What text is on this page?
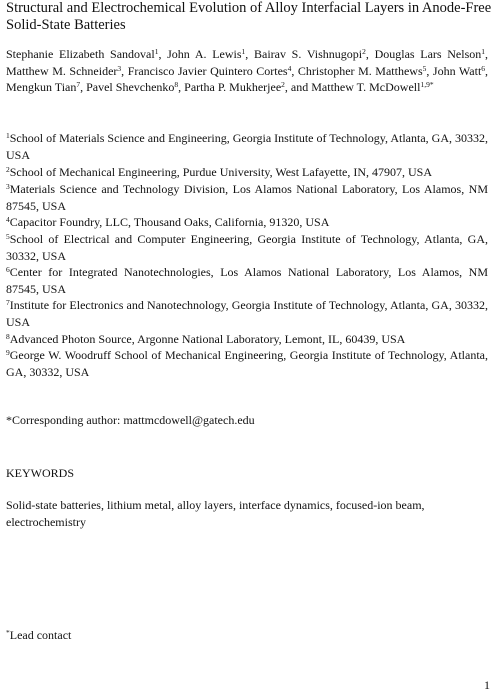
Structural and Electrochemical Evolution of Alloy Interfacial Layers in Anode-Free
Solid-State Batteries
Stephanie Elizabeth Sandoval$^1$, John A. Lewis$^1$, Bairav S. Vishnugopi$^2$, Douglas Lars Nelson$^1$, Matthew M. Schneider$^3$, Francisco Javier Quintero Cortes$^4$, Christopher M. Matthews$^5$, John Watt$^6$, Mengkun Tian$^7$, Pavel Shevchenko$^8$, Partha P. Mukherjee$^2$, and Matthew T. McDowell$^{1,9*}$
$^1$School of Materials Science and Engineering, Georgia Institute of Technology, Atlanta, GA, 30332, USA
$^2$School of Mechanical Engineering, Purdue University, West Lafayette, IN, 47907, USA
$^3$Materials Science and Technology Division, Los Alamos National Laboratory, Los Alamos, NM 87545, USA
$^4$Capacitor Foundry, LLC, Thousand Oaks, California, 91320, USA
$^5$School of Electrical and Computer Engineering, Georgia Institute of Technology, Atlanta, GA, 30332, USA
$^6$Center for Integrated Nanotechnologies, Los Alamos National Laboratory, Los Alamos, NM 87545, USA
$^7$Institute for Electronics and Nanotechnology, Georgia Institute of Technology, Atlanta, GA, 30332, USA
$^8$Advanced Photon Source, Argonne National Laboratory, Lemont, IL, 60439, USA
$^9$George W. Woodruff School of Mechanical Engineering, Georgia Institute of Technology, Atlanta, GA, 30332, USA
*Corresponding author: mattmcdowell@gatech.edu
KEYWORDS
Solid-state batteries, lithium metal, alloy layers, interface dynamics, focused-ion beam, electrochemistry
*Lead contact
1
